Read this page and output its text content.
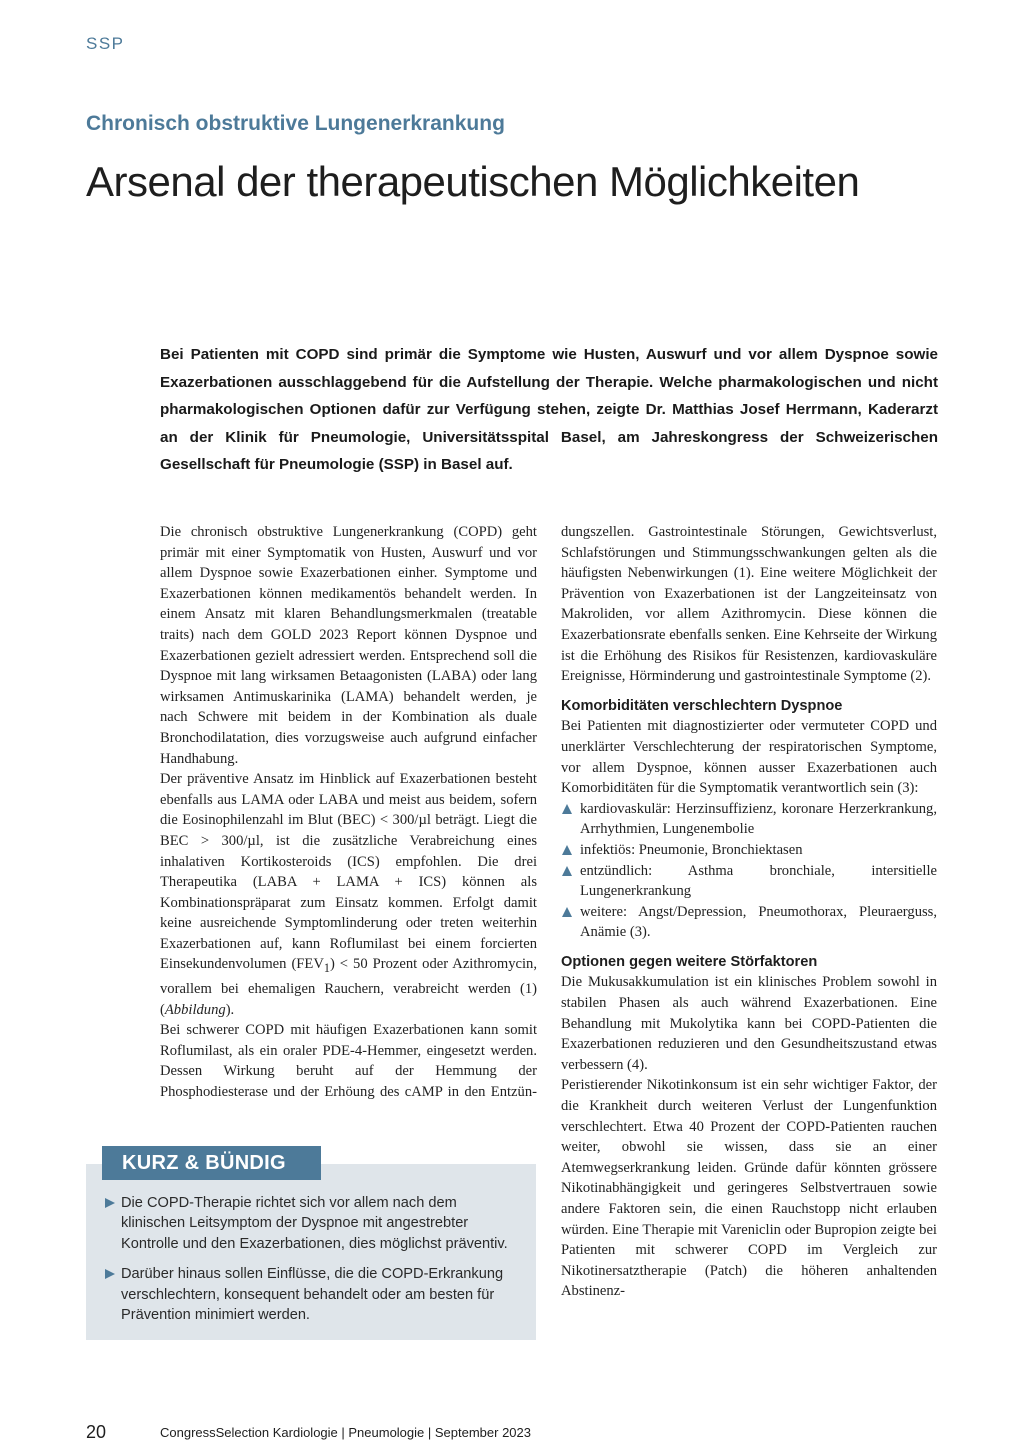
SSP
Chronisch obstruktive Lungenerkrankung
Arsenal der therapeutischen Möglichkeiten

Bei Patienten mit COPD sind primär die Symptome wie Husten, Auswurf und vor allem Dyspnoe sowie Exazerbationen ausschlaggebend für die Aufstellung der Therapie. Welche pharmakologischen und nicht pharmakologischen Optionen dafür zur Verfügung stehen, zeigte Dr. Matthias Josef Herrmann, Kaderarzt an der Klinik für Pneumologie, Universitätsspital Basel, am Jahreskongress der Schweizerischen Gesellschaft für Pneumologie (SSP) in Basel auf.

Die chronisch obstruktive Lungenerkrankung (COPD) geht primär mit einer Symptomatik von Husten, Auswurf und vor allem Dyspnoe sowie Exazerbationen einher. Symptome und Exazerbationen können medikamentös behandelt werden. In einem Ansatz mit klaren Behandlungsmerkmalen (treatable traits) nach dem GOLD 2023 Report können Dyspnoe und Exazerbationen gezielt adressiert werden. Entsprechend soll die Dyspnoe mit lang wirksamen Betaagonisten (LABA) oder lang wirksamen Antimuskarinika (LAMA) behandelt werden, je nach Schwere mit beidem in der Kombination als duale Bronchodilatation, dies vorzugsweise auch aufgrund einfacher Handhabung.

Der präventive Ansatz im Hinblick auf Exazerbationen besteht ebenfalls aus LAMA oder LABA und meist aus beidem, sofern die Eosinophilenzahl im Blut (BEC) < 300/µl beträgt. Liegt die BEC > 300/µl, ist die zusätzliche Verabreichung eines inhalativen Kortikosteroids (ICS) empfohlen. Die drei Therapeutika (LABA + LAMA + ICS) können als Kombinationspräparat zum Einsatz kommen. Erfolgt damit keine ausreichende Symptomlinderung oder treten weiterhin Exazerbationen auf, kann Roflumilast bei einem forcierten Einsekundenvolumen $(FEV_1) < 50$ Prozent oder Azithromycin, vorallem bei ehemaligen Rauchern, verabreicht werden (1) (Abbildung).

Bei schwerer COPD mit häufigen Exazerbationen kann somit Roflumilast, als ein oraler PDE-4-Hemmer, eingesetzt werden. Dessen Wirkung beruht auf der Hemmung der Phosphodiesterase und der Erhöung des cAMP in den Entzün-

dungszellen. Gastrointestinale Störungen, Gewichtsverlust, Schlafstörungen und Stimmungsschwankungen gelten als die häufigsten Nebenwirkungen (1). Eine weitere Möglichkeit der Prävention von Exazerbationen ist der Langzeiteinsatz von Makroliden, vor allem Azithromycin. Diese können die Exazerbationsrate ebenfalls senken. Eine Kehrseite der Wirkung ist die Erhöhung des Risikos für Resistenzen, kardiovaskuläre Ereignisse, Hörminderung und gastrointestinale Symptome (2).

Komorbiditäten verschlechtern Dyspnoe

Bei Patienten mit diagnostizierter oder vermuteter COPD und unerklärter Verschlechterung der respiratorischen Symptome, vor allem Dyspnoe, können ausser Exazerbationen auch Komorbiditäten für die Symptomatik verantwortlich sein (3):

kardiovaskulär: Herzinsuffizienz, koronare Herzerkrankung, Arrhythmien, Lungenembolie
infektiös: Pneumonie, Bronchiektasen
entzündlich: Asthma bronchiale, intersitielle Lungenerkrankung
weitere: Angst/Depression, Pneumothorax, Pleuraerguss, Anämie (3).
Optionen gegen weitere Störfaktoren

Die Mukusakkumulation ist ein klinisches Problem sowohl in stabilen Phasen als auch während Exazerbationen. Eine Behandlung mit Mukolytika kann bei COPD-Patienten die Exazerbationen reduzieren und den Gesundheitszustand etwas verbessern (4).

Peristierender Nikotinkonsum ist ein sehr wichtiger Faktor, der die Krankheit durch weiteren Verlust der Lungenfunktion verschlechtert. Etwa 40 Prozent der COPD-Patienten rauchen weiter, obwohl sie wissen, dass sie an einer Atemwegserkrankung leiden. Gründe dafür könnten grössere Nikotinabhängigkeit und geringeres Selbstvertrauen sowie andere Faktoren sein, die einen Rauchstopp nicht erlauben würden. Eine Therapie mit Vareniclin oder Bupropion zeigte bei Patienten mit schwerer COPD im Vergleich zur Nikotinersatztherapie (Patch) die höheren anhaltenden Abstinenz-

KURZ & BÜNDIG
Die COPD-Therapie richtet sich vor allem nach dem klinischen Leitsymptom der Dyspnoe mit angestrebter Kontrolle und den Exazerbationen, dies möglichst präventiv.
Darüber hinaus sollen Einflüsse, die die COPD-Erkrankung verschlechtern, konsequent behandelt oder am besten für Prävention minimiert werden.
20	CongressSelection Kardiologie | Pneumologie | September 2023
